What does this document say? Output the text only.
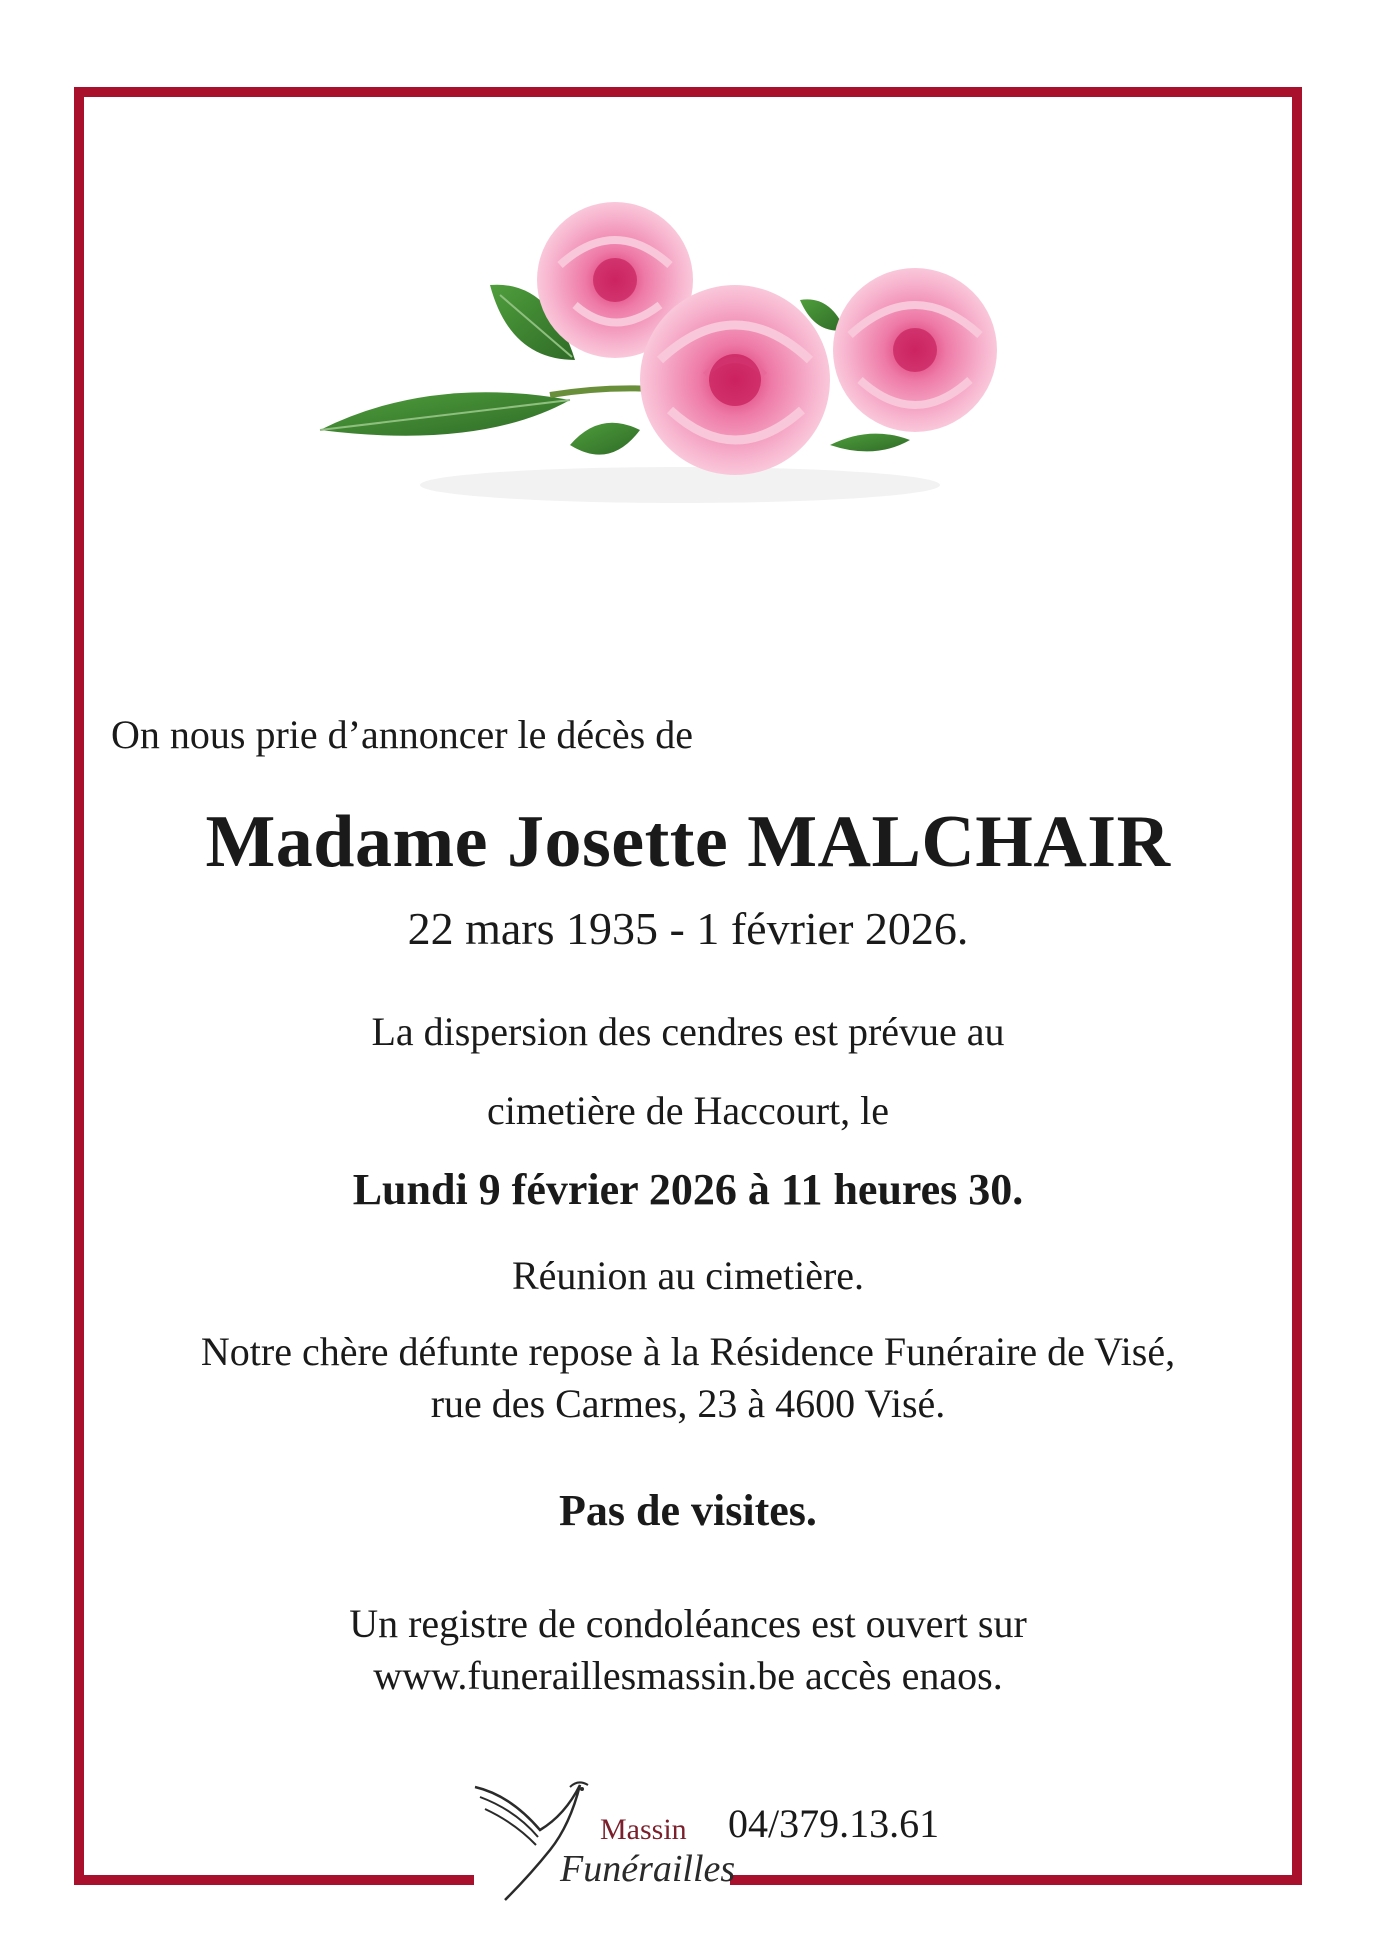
On nous prie d’annoncer le décès de

Madame Josette MALCHAIR

22 mars 1935 - 1 février 2026.

La dispersion des cendres est prévue au

cimetière de Haccourt, le

Lundi 9 février 2026 à 11 heures 30.

Réunion au cimetière.

Notre chère défunte repose à la Résidence Funéraire de Visé,

rue des Carmes, 23 à 4600 Visé.

Pas de visites.

Un registre de condoléances est ouvert sur

www.funeraillesmassin.be accès enaos.

Massin
Funérailles
04/379.13.61
